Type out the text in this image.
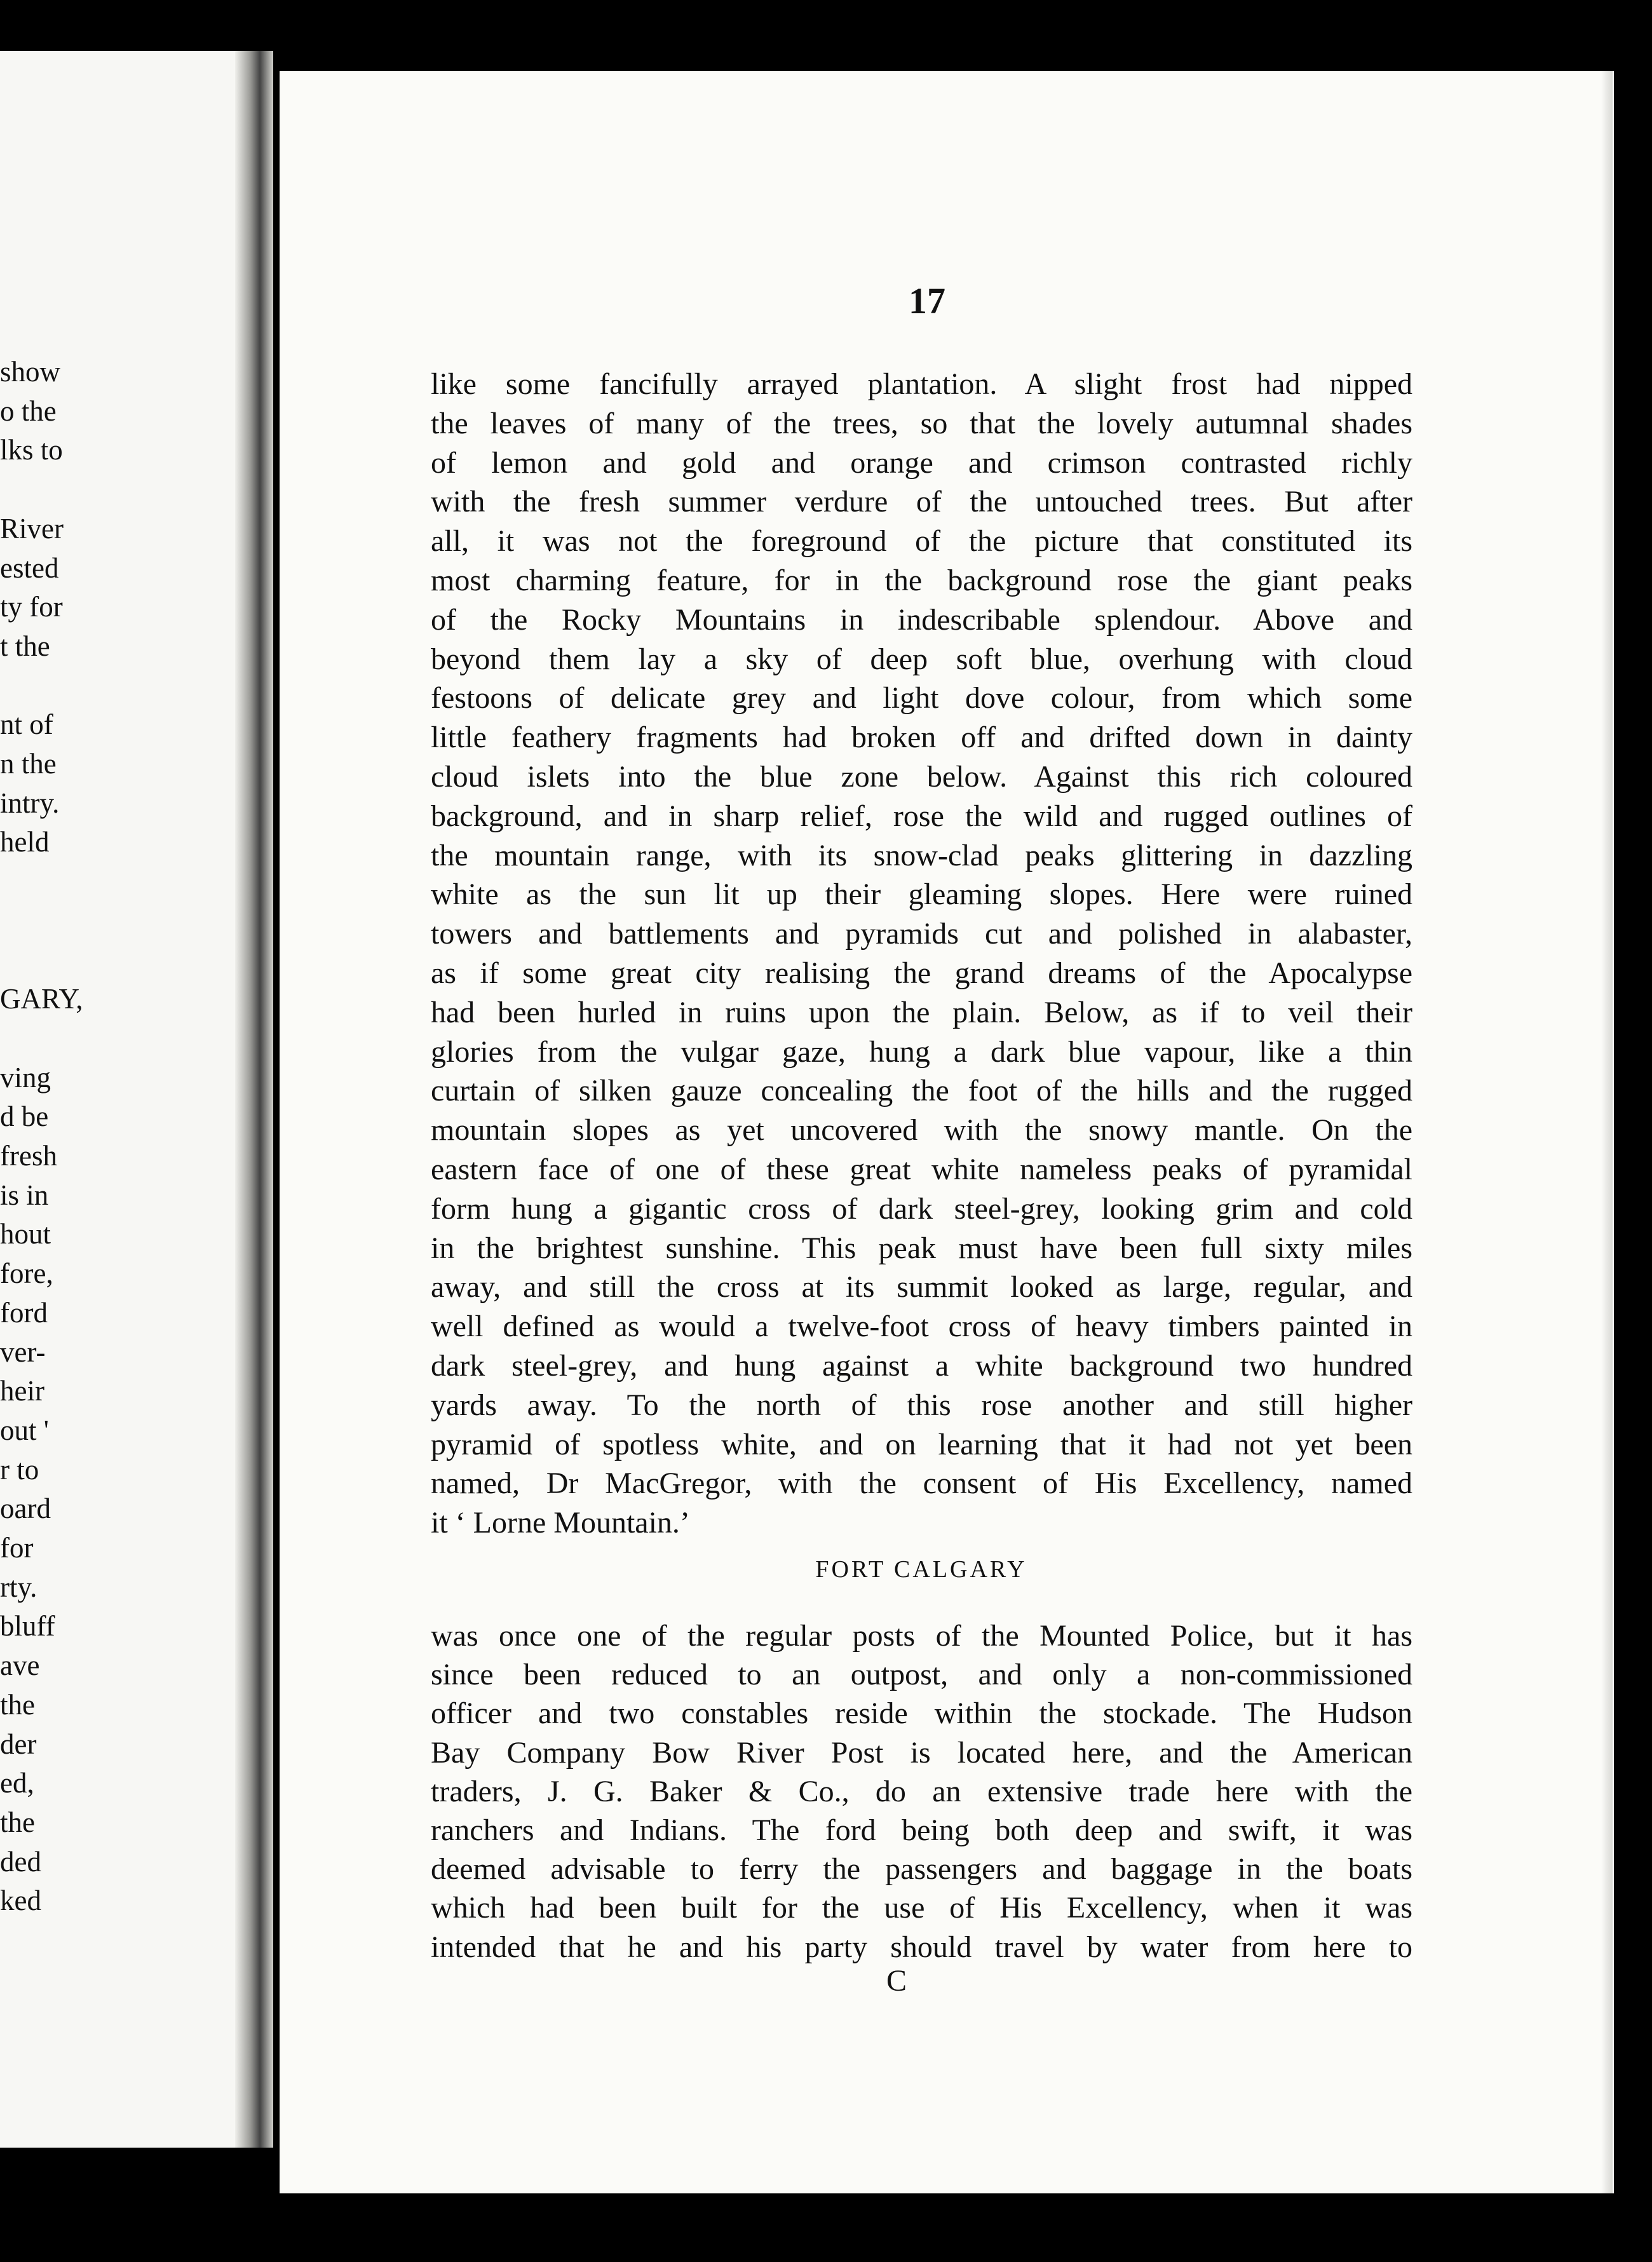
show
o the
lks to
River
ested
ty for
t the
nt of
n the
intry.
held
GARY,
ving
d be
fresh
is in
hout
fore,
ford
ver-
heir
out '
r to
oard
for
rty.
bluff
ave
the
der
ed,
the
ded
ked
17
like some fancifully arrayed plantation. A slight frost had nipped
the leaves of many of the trees, so that the lovely autumnal shades
of lemon and gold and orange and crimson contrasted richly
with the fresh summer verdure of the untouched trees. But after
all, it was not the foreground of the picture that constituted its
most charming feature, for in the background rose the giant peaks
of the Rocky Mountains in indescribable splendour. Above and
beyond them lay a sky of deep soft blue, overhung with cloud
festoons of delicate grey and light dove colour, from which some
little feathery fragments had broken off and drifted down in dainty
cloud islets into the blue zone below. Against this rich coloured
background, and in sharp relief, rose the wild and rugged outlines of
the mountain range, with its snow-clad peaks glittering in dazzling
white as the sun lit up their gleaming slopes. Here were ruined
towers and battlements and pyramids cut and polished in alabaster,
as if some great city realising the grand dreams of the Apocalypse
had been hurled in ruins upon the plain. Below, as if to veil their
glories from the vulgar gaze, hung a dark blue vapour, like a thin
curtain of silken gauze concealing the foot of the hills and the rugged
mountain slopes as yet uncovered with the snowy mantle. On the
eastern face of one of these great white nameless peaks of pyramidal
form hung a gigantic cross of dark steel-grey, looking grim and cold
in the brightest sunshine. This peak must have been full sixty miles
away, and still the cross at its summit looked as large, regular, and
well defined as would a twelve-foot cross of heavy timbers painted in
dark steel-grey, and hung against a white background two hundred
yards away. To the north of this rose another and still higher
pyramid of spotless white, and on learning that it had not yet been
named, Dr MacGregor, with the consent of His Excellency, named
it ‘ Lorne Mountain.’
FORT CALGARY
was once one of the regular posts of the Mounted Police, but it has
since been reduced to an outpost, and only a non-commissioned
officer and two constables reside within the stockade. The Hudson
Bay Company Bow River Post is located here, and the American
traders, J. G. Baker & Co., do an extensive trade here with the
ranchers and Indians. The ford being both deep and swift, it was
deemed advisable to ferry the passengers and baggage in the boats
which had been built for the use of His Excellency, when it was
intended that he and his party should travel by water from here to
C
